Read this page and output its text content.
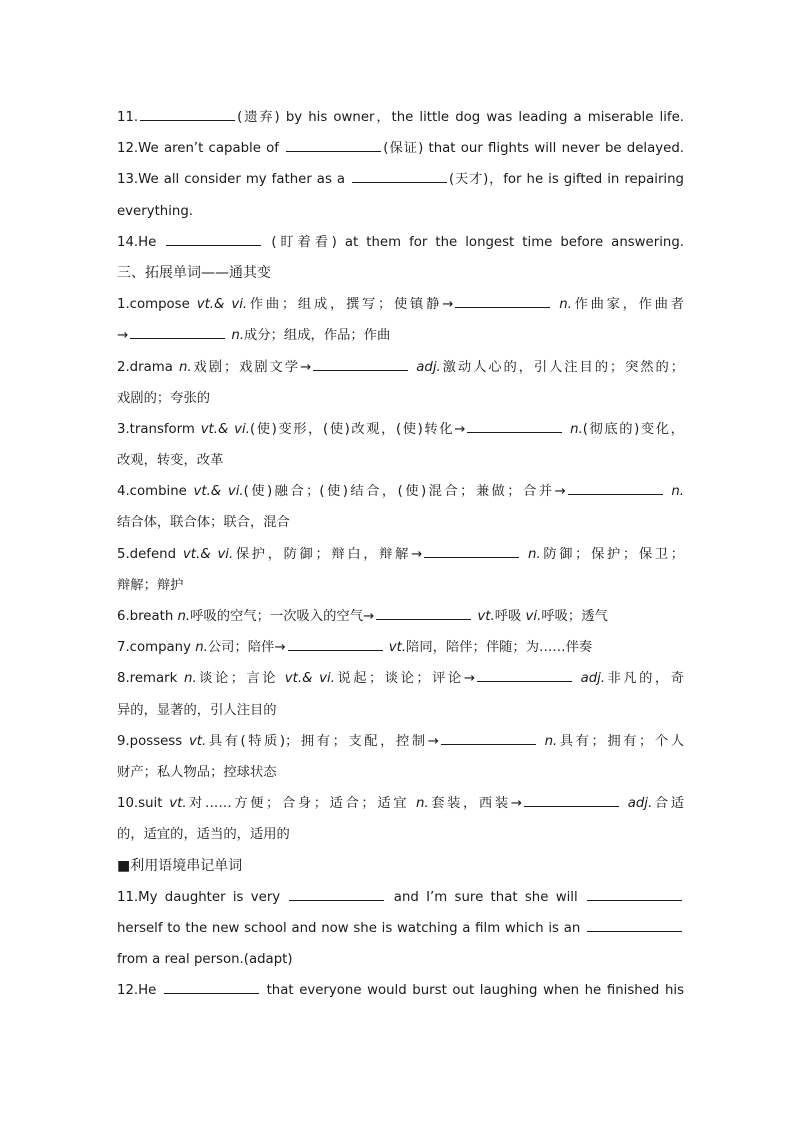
11.	(遗弃) by his owner，the little dog was leading a miserable life.
12.We aren’t capable of	(保证) that our flights will never be delayed.
13.We all consider my father as a	(天才)，for he is gifted in repairing
everything.
14.He	(盯着看) at them for the longest time before answering.
三、拓展单词——通其变
1.compose vt.& vi.作曲；组成，撰写；使镇静→	n.作曲家，作曲者
→	n.成分；组成，作品；作曲
2.drama n.戏剧；戏剧文学→	adj.激动人心的，引人注目的；突然的；
戏剧的；夸张的
3.transform vt.& vi.(使)变形，(使)改观，(使)转化→	n.(彻底的)变化，
改观，转变，改革
4.combine vt.& vi.(使)融合；(使)结合，(使)混合；兼做；合并→	n.
结合体，联合体；联合，混合
5.defend vt.& vi.保护，防御；辩白，辩解→	n.防御；保护；保卫；
辩解；辩护
6.breath n.呼吸的空气；一次吸入的空气→	vt.呼吸 vi.呼吸；透气
7.company n.公司；陪伴→	vt.陪同，陪伴；伴随；为……伴奏
8.remark n.谈论；言论 vt.& vi.说起；谈论；评论→	adj.非凡的，奇
异的，显著的，引人注目的
9.possess vt.具有(特质)；拥有；支配，控制→	n.具有；拥有；个人
财产；私人物品；控球状态
10.suit vt.对……方便；合身；适合；适宜 n.套装，西装→	adj.合适
的，适宜的，适当的，适用的
■利用语境串记单词
11.My daughter is very	and I’m sure that she will
herself to the new school and now she is watching a film which is an
from a real person.(adapt)
12.He	that everyone would burst out laughing when he finished his
